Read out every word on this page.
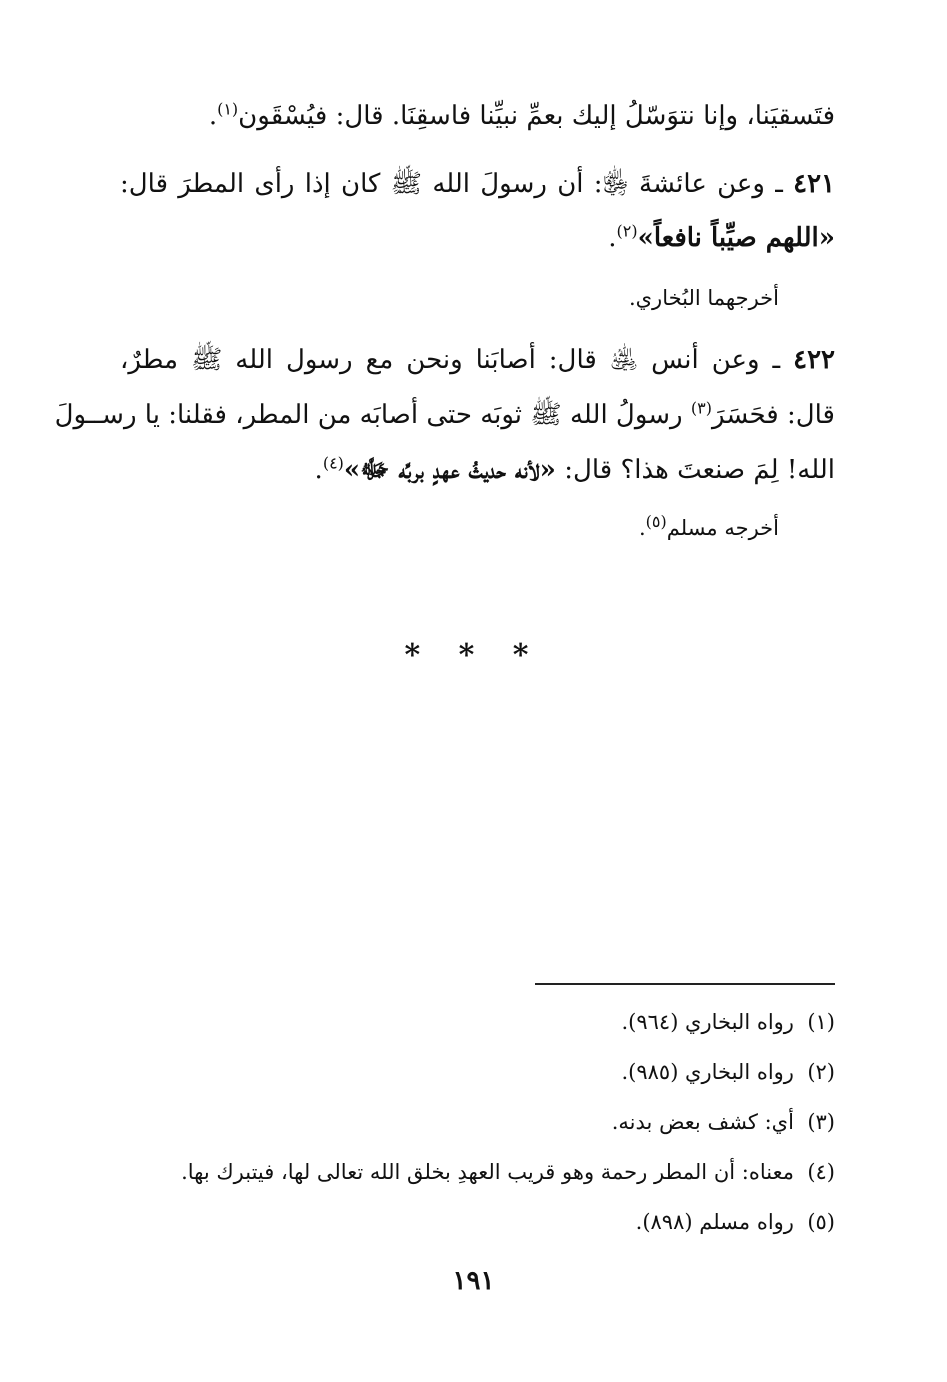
فتَسقيَنا، وإنا نتوَسّلُ إليك بعمِّ نبيِّنا فاسقِنَا. قال: فيُسْقَون$^{(١)}$.
٤٢١ ـ وعن عائشةَ ﵂: أن رسولَ الله ﷺ كان إذا رأى المطرَ قال:
«اللهم صيِّباً نافعاً»$^{(٢)}$.
أخرجهما البُخاري.
٤٢٢ ـ وعن أنس ﵁ قال: أصابَنا ونحن مع رسول الله ﷺ مطرٌ،
قال: فحَسَرَ$^{(٣)}$ رسولُ الله ﷺ ثوبَه حتى أصابَه من المطر، فقلنا: يا رســولَ
الله! لِمَ صنعتَ هذا؟ قال: «لأنه حديثُ عهدٍ بربِّه ﷻ»$^{(٤)}$.
أخرجه مسلم$^{(٥)}$.
* * *
(١)  رواه البخاري (٩٦٤).
(٢)  رواه البخاري (٩٨٥).
(٣)  أي: كشف بعض بدنه.
(٤)  معناه: أن المطر رحمة وهو قريب العهدِ بخلق الله تعالى لها، فيتبرك بها.
(٥)  رواه مسلم (٨٩٨).
١٩١
